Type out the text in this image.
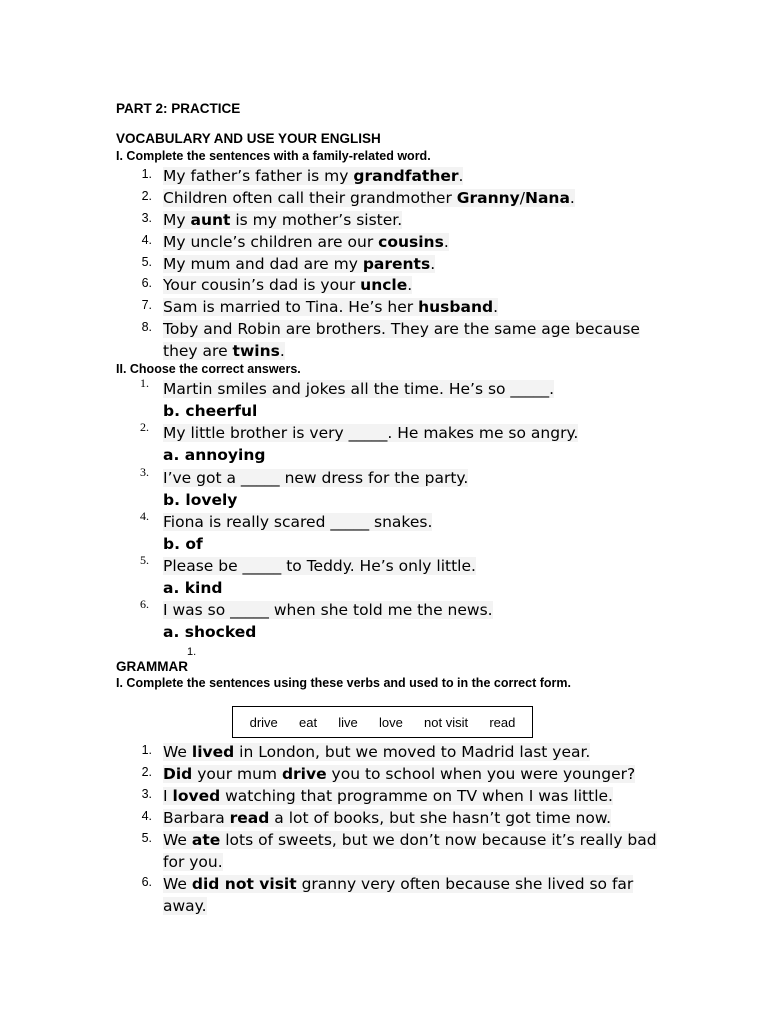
PART 2: PRACTICE
VOCABULARY AND USE YOUR ENGLISH
I. Complete the sentences with a family-related word.
1. My father’s father is my grandfather.
2. Children often call their grandmother Granny/Nana.
3. My aunt is my mother’s sister.
4. My uncle’s children are our cousins.
5. My mum and dad are my parents.
6. Your cousin’s dad is your uncle.
7. Sam is married to Tina. He’s her husband.
8. Toby and Robin are brothers. They are the same age because
they are twins.
II. Choose the correct answers.
1. Martin smiles and jokes all the time. He’s so _____.
b. cheerful
2. My little brother is very _____. He makes me so angry.
a. annoying
3. I’ve got a _____ new dress for the party.
b. lovely
4. Fiona is really scared _____ snakes.
b. of
5. Please be _____ to Teddy. He’s only little.
a. kind
6. I was so _____ when she told me the news.
a. shocked
1.
GRAMMAR
I. Complete the sentences using these verbs and used to in the correct form.
drive eat live love not visit read
1. We lived in London, but we moved to Madrid last year.
2. Did your mum drive you to school when you were younger?
3. I loved watching that programme on TV when I was little.
4. Barbara read a lot of books, but she hasn’t got time now.
5. We ate lots of sweets, but we don’t now because it’s really bad
for you.
6. We did not visit granny very often because she lived so far
away.
